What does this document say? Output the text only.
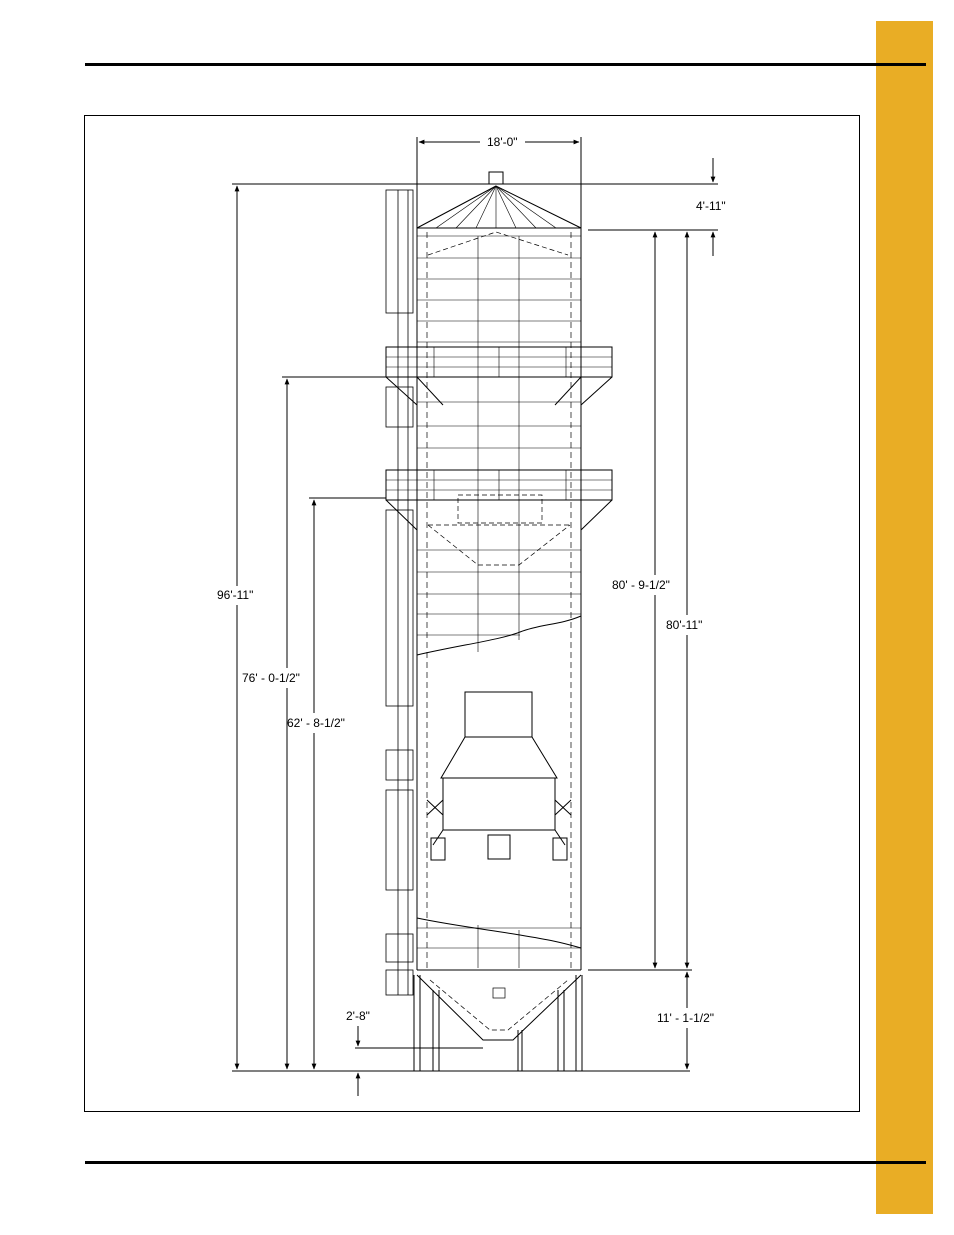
18'-0"
4'-11"
96'-11"
76' - 0-1/2"
62' - 8-1/2"
80' - 9-1/2"
80'-11"
11' - 1-1/2"
2'-8"
